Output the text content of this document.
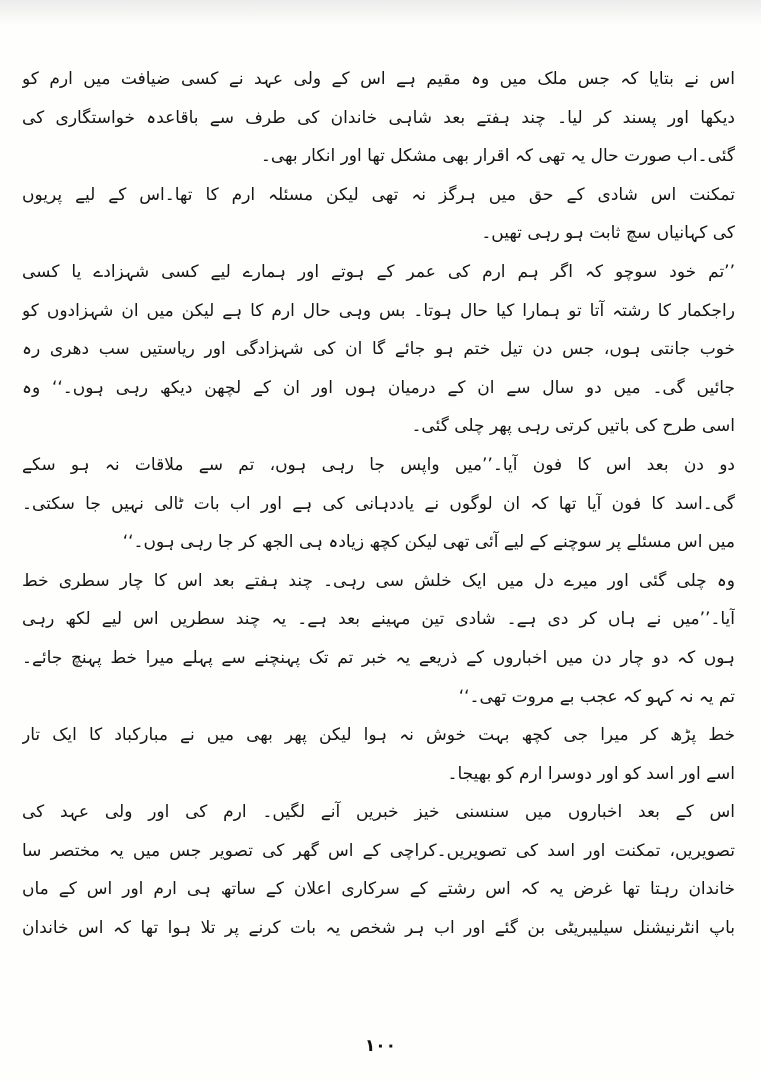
اس نے بتایا کہ جس ملک میں وہ مقیم ہے اس کے ولی عہد نے کسی ضیافت میں ارم کو
دیکھا اور پسند کر لیا۔ چند ہفتے بعد شاہی خاندان کی طرف سے باقاعدہ خواستگاری کی
گئی۔اب صورت حال یہ تھی کہ اقرار بھی مشکل تھا اور انکار بھی۔
تمکنت اس شادی کے حق میں ہرگز نہ تھی لیکن مسئلہ ارم کا تھا۔اس کے لیے پریوں
کی کہانیاں سچ ثابت ہو رہی تھیں۔
’’تم خود سوچو کہ اگر ہم ارم کی عمر کے ہوتے اور ہمارے لیے کسی شہزادے یا کسی
راجکمار کا رشتہ آتا تو ہمارا کیا حال ہوتا۔ بس وہی حال ارم کا ہے لیکن میں ان شہزادوں کو
خوب جانتی ہوں، جس دن تیل ختم ہو جائے گا ان کی شہزادگی اور ریاستیں سب دھری رہ
جائیں گی۔ میں دو سال سے ان کے درمیان ہوں اور ان کے لچھن دیکھ رہی ہوں۔‘‘ وہ
اسی طرح کی باتیں کرتی رہی پھر چلی گئی۔
دو دن بعد اس کا فون آیا۔’’میں واپس جا رہی ہوں، تم سے ملاقات نہ ہو سکے
گی۔اسد کا فون آیا تھا کہ ان لوگوں نے یاددہانی کی ہے اور اب بات ٹالی نہیں جا سکتی۔
میں اس مسئلے پر سوچنے کے لیے آئی تھی لیکن کچھ زیادہ ہی الجھ کر جا رہی ہوں۔‘‘
وہ چلی گئی اور میرے دل میں ایک خلش سی رہی۔ چند ہفتے بعد اس کا چار سطری خط
آیا۔’’میں نے ہاں کر دی ہے۔ شادی تین مہینے بعد ہے۔ یہ چند سطریں اس لیے لکھ رہی
ہوں کہ دو چار دن میں اخباروں کے ذریعے یہ خبر تم تک پہنچنے سے پہلے میرا خط پہنچ جائے۔
تم یہ نہ کہو کہ عجب بے مروت تھی۔‘‘
خط پڑھ کر میرا جی کچھ بہت خوش نہ ہوا لیکن پھر بھی میں نے مبارکباد کا ایک تار
اسے اور اسد کو اور دوسرا ارم کو بھیجا۔
اس کے بعد اخباروں میں سنسنی خیز خبریں آنے لگیں۔ ارم کی اور ولی عہد کی
تصویریں، تمکنت اور اسد کی تصویریں۔کراچی کے اس گھر کی تصویر جس میں یہ مختصر سا
خاندان رہتا تھا غرض یہ کہ اس رشتے کے سرکاری اعلان کے ساتھ ہی ارم اور اس کے ماں
باپ انٹرنیشنل سیلیبریٹی بن گئے اور اب ہر شخص یہ بات کرنے پر تلا ہوا تھا کہ اس خاندان
۱۰۰
